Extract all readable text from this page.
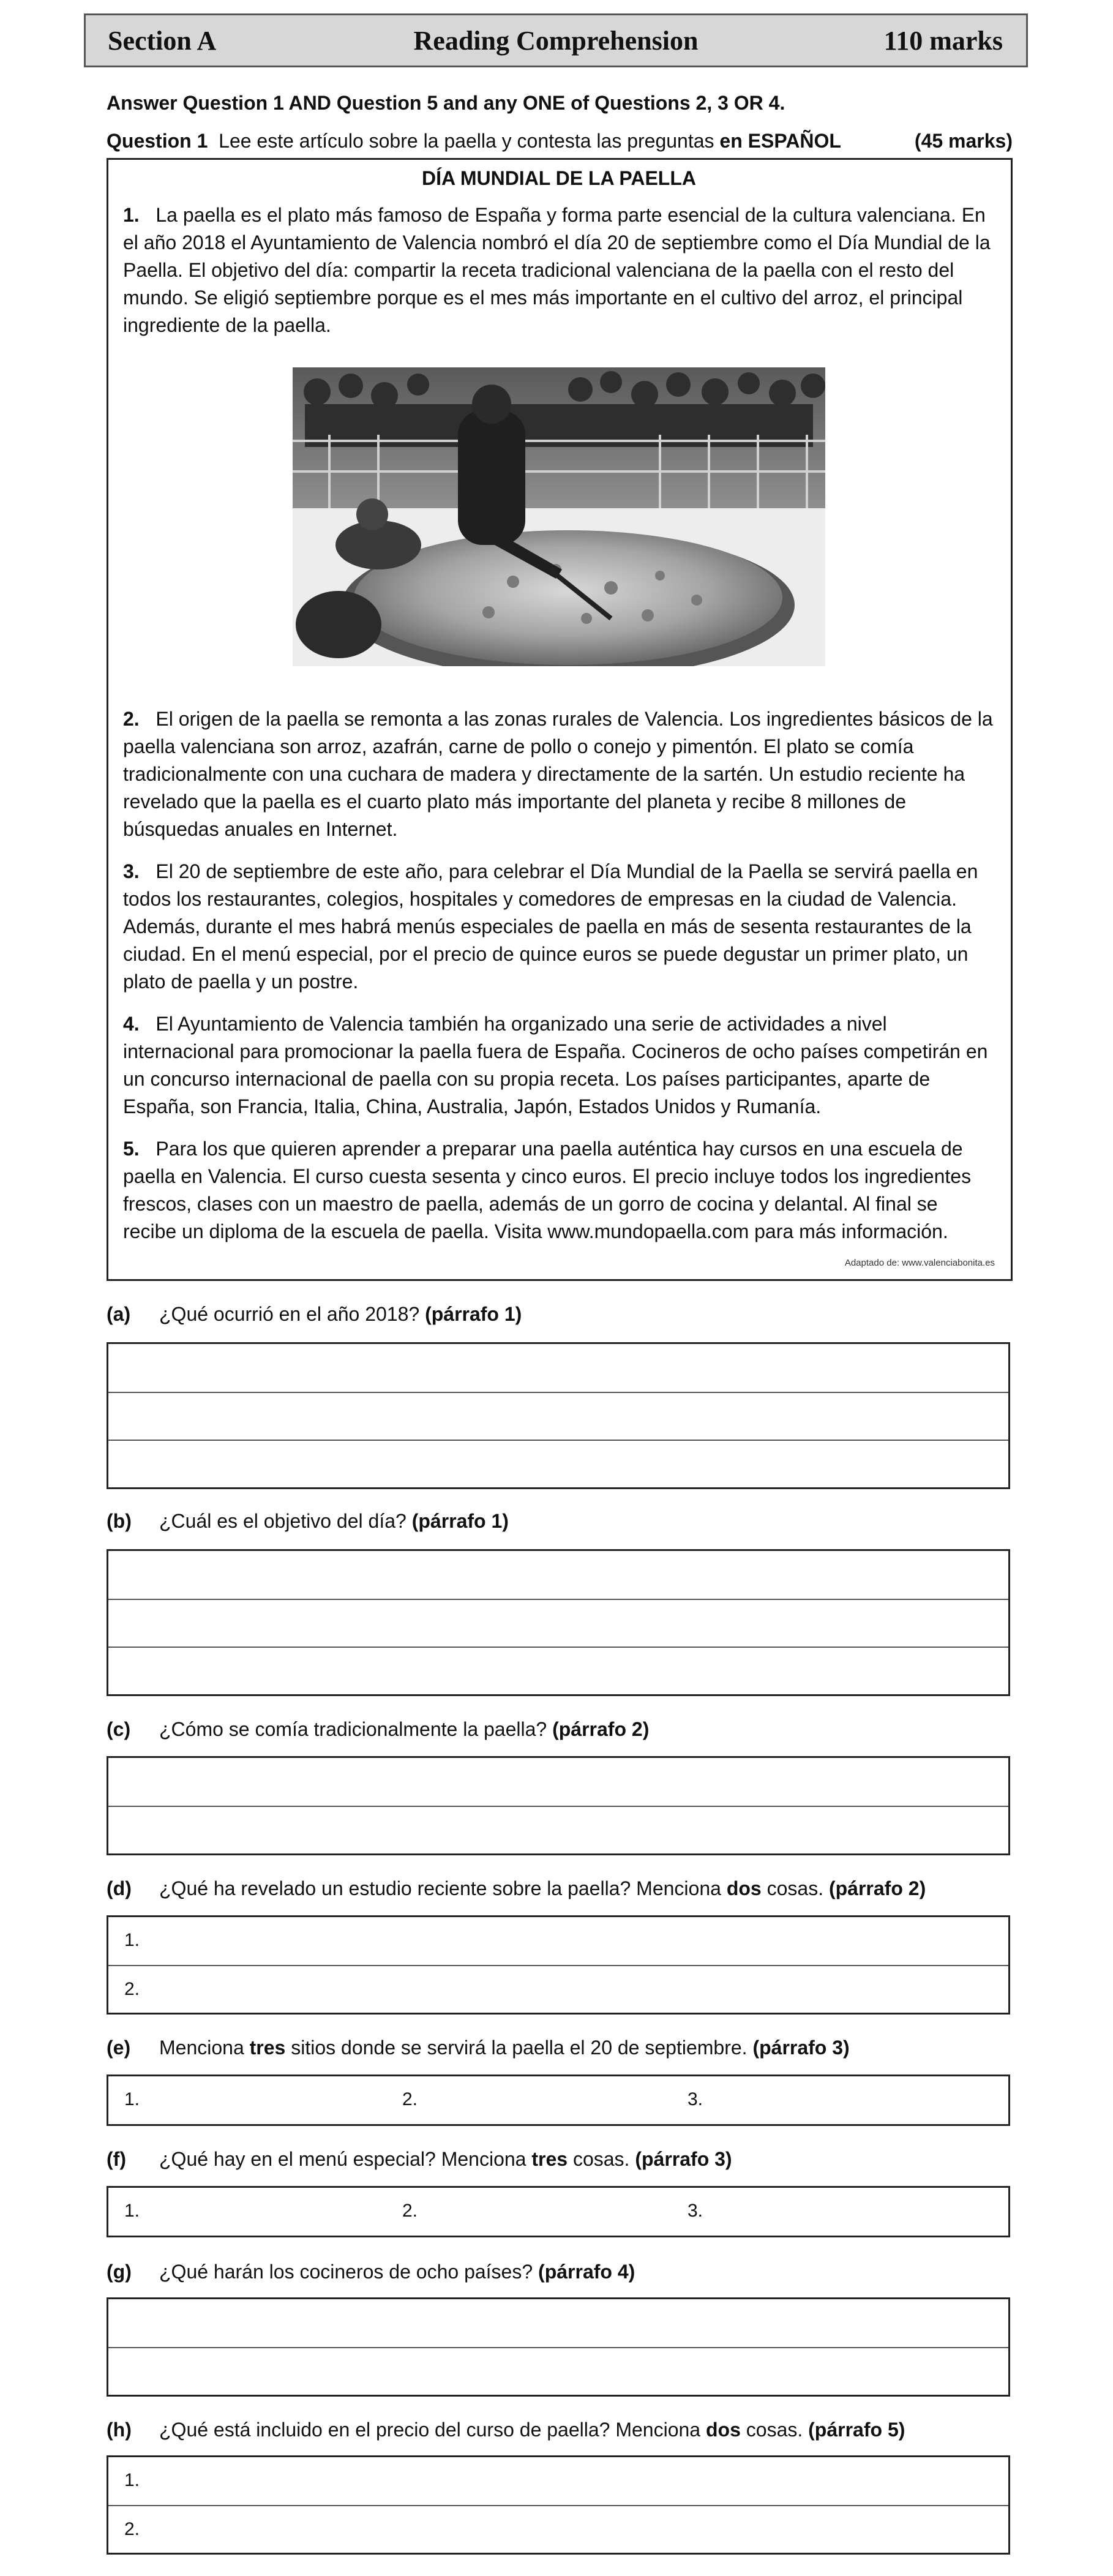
Section A	Reading Comprehension	110 marks
Answer Question 1 AND Question 5 and any ONE of Questions 2, 3 OR 4.
Question 1 Lee este artículo sobre la paella y contesta las preguntas en ESPAÑOL	(45 marks)
DÍA MUNDIAL DE LA PAELLA

1. La paella es el plato más famoso de España y forma parte esencial de la cultura valenciana. En el año 2018 el Ayuntamiento de Valencia nombró el día 20 de septiembre como el Día Mundial de la Paella. El objetivo del día: compartir la receta tradicional valenciana de la paella con el resto del mundo. Se eligió septiembre porque es el mes más importante en el cultivo del arroz, el principal ingrediente de la paella.

2. El origen de la paella se remonta a las zonas rurales de Valencia. Los ingredientes básicos de la paella valenciana son arroz, azafrán, carne de pollo o conejo y pimentón. El plato se comía tradicionalmente con una cuchara de madera y directamente de la sartén. Un estudio reciente ha revelado que la paella es el cuarto plato más importante del planeta y recibe 8 millones de búsquedas anuales en Internet.

3. El 20 de septiembre de este año, para celebrar el Día Mundial de la Paella se servirá paella en todos los restaurantes, colegios, hospitales y comedores de empresas en la ciudad de Valencia. Además, durante el mes habrá menús especiales de paella en más de sesenta restaurantes de la ciudad. En el menú especial, por el precio de quince euros se puede degustar un primer plato, un plato de paella y un postre.

4. El Ayuntamiento de Valencia también ha organizado una serie de actividades a nivel internacional para promocionar la paella fuera de España. Cocineros de ocho países competirán en un concurso internacional de paella con su propia receta. Los países participantes, aparte de España, son Francia, Italia, China, Australia, Japón, Estados Unidos y Rumanía.

5. Para los que quieren aprender a preparar una paella auténtica hay cursos en una escuela de paella en Valencia. El curso cuesta sesenta y cinco euros. El precio incluye todos los ingredientes frescos, clases con un maestro de paella, además de un gorro de cocina y delantal. Al final se recibe un diploma de la escuela de paella. Visita www.mundopaella.com para más información.

Adaptado de: www.valenciabonita.es
(a)	¿Qué ocurrió en el año 2018? (párrafo 1)
(b)	¿Cuál es el objetivo del día? (párrafo 1)
(c)	¿Cómo se comía tradicionalmente la paella? (párrafo 2)
(d)	¿Qué ha revelado un estudio reciente sobre la paella? Menciona dos cosas. (párrafo 2)
1.
2.
(e)	Menciona tres sitios donde se servirá la paella el 20 de septiembre. (párrafo 3)
1.	2.	3.
(f)	¿Qué hay en el menú especial? Menciona tres cosas. (párrafo 3)
1.	2.	3.
(g)	¿Qué harán los cocineros de ocho países? (párrafo 4)
(h)	¿Qué está incluido en el precio del curso de paella? Menciona dos cosas. (párrafo 5)
1.
2.
